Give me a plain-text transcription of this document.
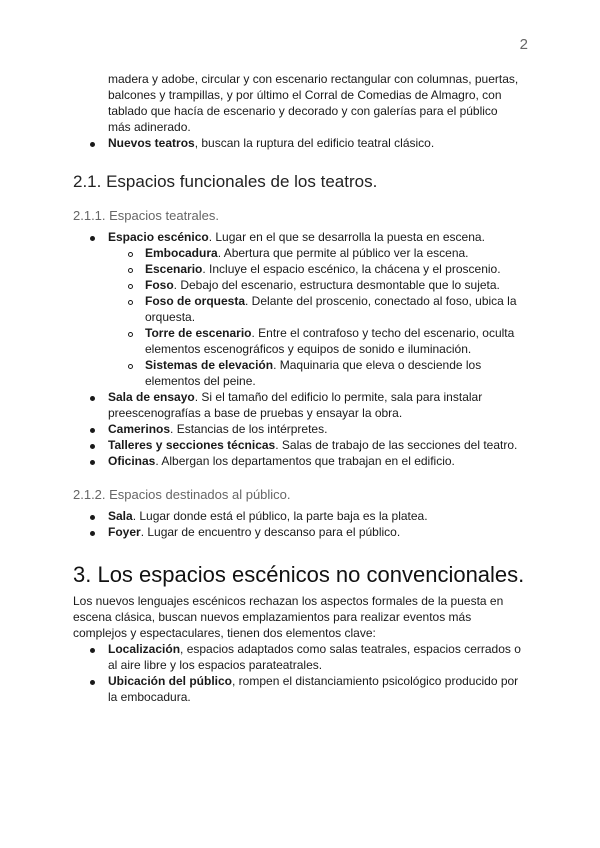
2
madera y adobe, circular y con escenario rectangular con columnas, puertas,
balcones y trampillas, y por último el Corral de Comedias de Almagro, con
tablado que hacía de escenario y decorado y con galerías para el público
más adinerado.
Nuevos teatros, buscan la ruptura del edificio teatral clásico.
2.1. Espacios funcionales de los teatros.
2.1.1. Espacios teatrales.
Espacio escénico. Lugar en el que se desarrolla la puesta en escena.
Embocadura. Abertura que permite al público ver la escena.
Escenario. Incluye el espacio escénico, la chácena y el proscenio.
Foso. Debajo del escenario, estructura desmontable que lo sujeta.
Foso de orquesta. Delante del proscenio, conectado al foso, ubica la
orquesta.
Torre de escenario. Entre el contrafoso y techo del escenario, oculta
elementos escenográficos y equipos de sonido e iluminación.
Sistemas de elevación. Maquinaria que eleva o desciende los
elementos del peine.
Sala de ensayo. Si el tamaño del edificio lo permite, sala para instalar
preescenografías a base de pruebas y ensayar la obra.
Camerinos. Estancias de los intérpretes.
Talleres y secciones técnicas. Salas de trabajo de las secciones del teatro.
Oficinas. Albergan los departamentos que trabajan en el edificio.
2.1.2. Espacios destinados al público.
Sala. Lugar donde está el público, la parte baja es la platea.
Foyer. Lugar de encuentro y descanso para el público.
3. Los espacios escénicos no convencionales.
Los nuevos lenguajes escénicos rechazan los aspectos formales de la puesta en
escena clásica, buscan nuevos emplazamientos para realizar eventos más
complejos y espectaculares, tienen dos elementos clave:
Localización, espacios adaptados como salas teatrales, espacios cerrados o
al aire libre y los espacios parateatrales.
Ubicación del público, rompen el distanciamiento psicológico producido por
la embocadura.
